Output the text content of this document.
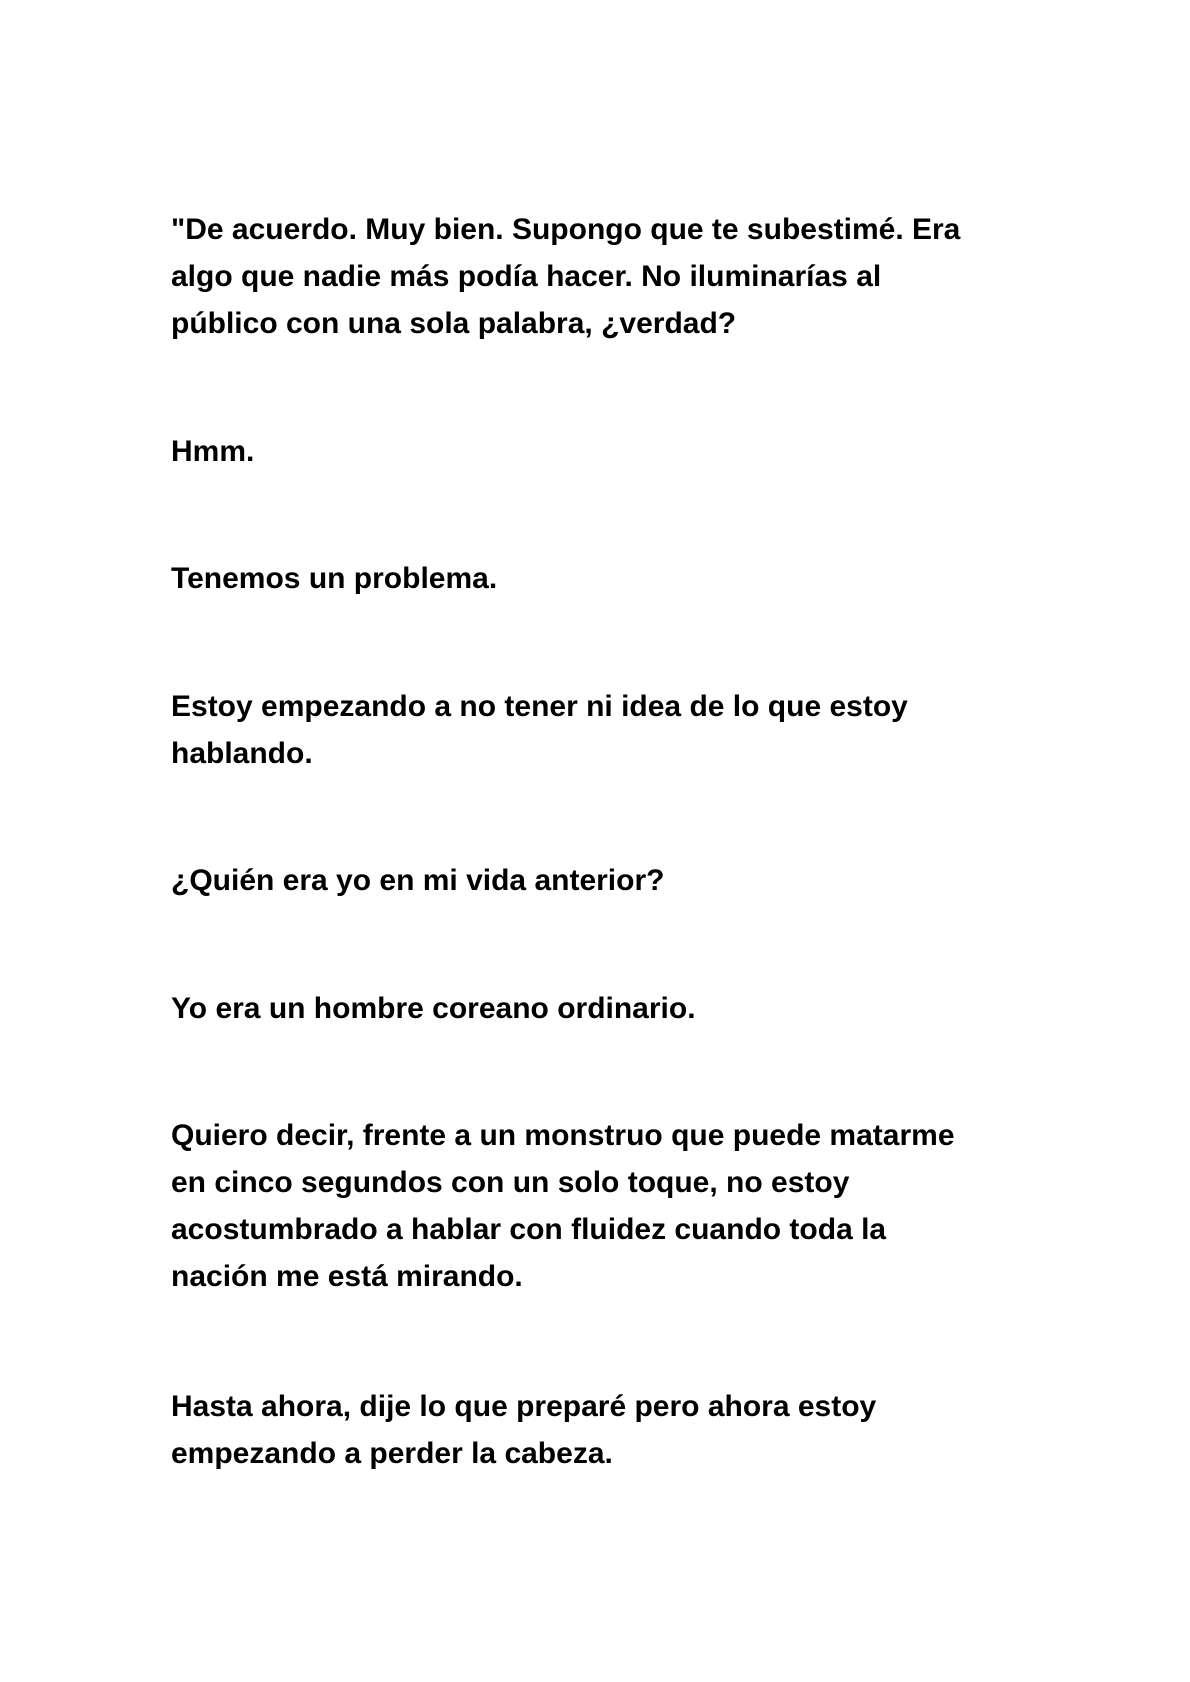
"De acuerdo. Muy bien. Supongo que te subestimé. Era
algo que nadie más podía hacer. No iluminarías al
público con una sola palabra, ¿verdad?

Hmm.

Tenemos un problema.

Estoy empezando a no tener ni idea de lo que estoy
hablando.

¿Quién era yo en mi vida anterior?

Yo era un hombre coreano ordinario.

Quiero decir, frente a un monstruo que puede matarme
en cinco segundos con un solo toque, no estoy
acostumbrado a hablar con fluidez cuando toda la
nación me está mirando.

Hasta ahora, dije lo que preparé pero ahora estoy
empezando a perder la cabeza.
